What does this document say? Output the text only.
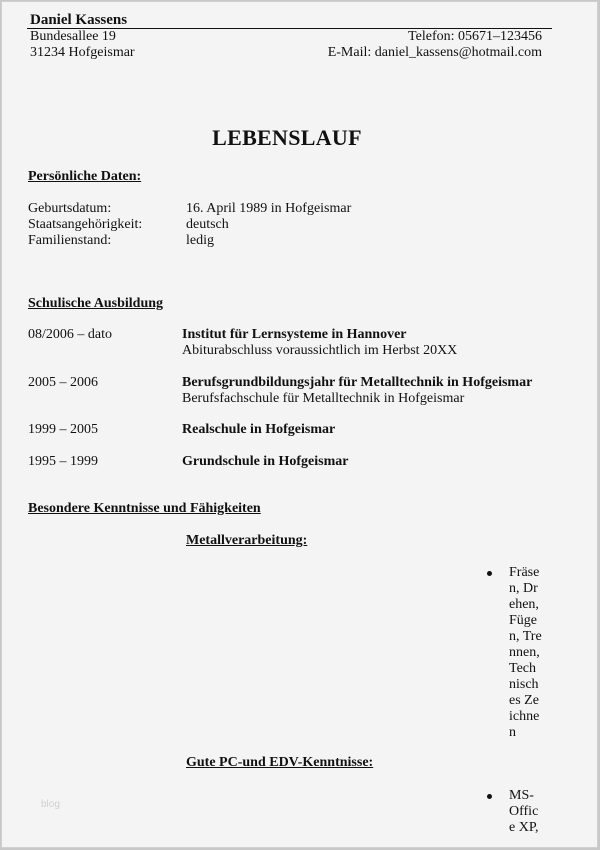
Daniel Kassens
Bundesallee 19
31234 Hofgeismar
Telefon: 05671–123456
E-Mail: daniel_kassens@hotmail.com
LEBENSLAUF
Persönliche Daten:
Geburtsdatum:	16. April 1989 in Hofgeismar
Staatsangehörigkeit:	deutsch
Familienstand:	ledig
Schulische Ausbildung
08/2006 – dato	Institut für Lernsysteme in Hannover
Abiturabschluss voraussichtlich im Herbst 20XX
2005 – 2006	Berufsgrundbildungsjahr für Metalltechnik in Hofgeismar
Berufsfachschule für Metalltechnik in Hofgeismar
1999 – 2005	Realschule in Hofgeismar
1995 – 1999	Grundschule in Hofgeismar
Besondere Kenntnisse und Fähigkeiten
Metallverarbeitung:
Fräsen, Drehen, Fügen, Trennen, Technisches Zeichnen
Gute PC-und EDV-Kenntnisse:
MS-Office XP,
blog
